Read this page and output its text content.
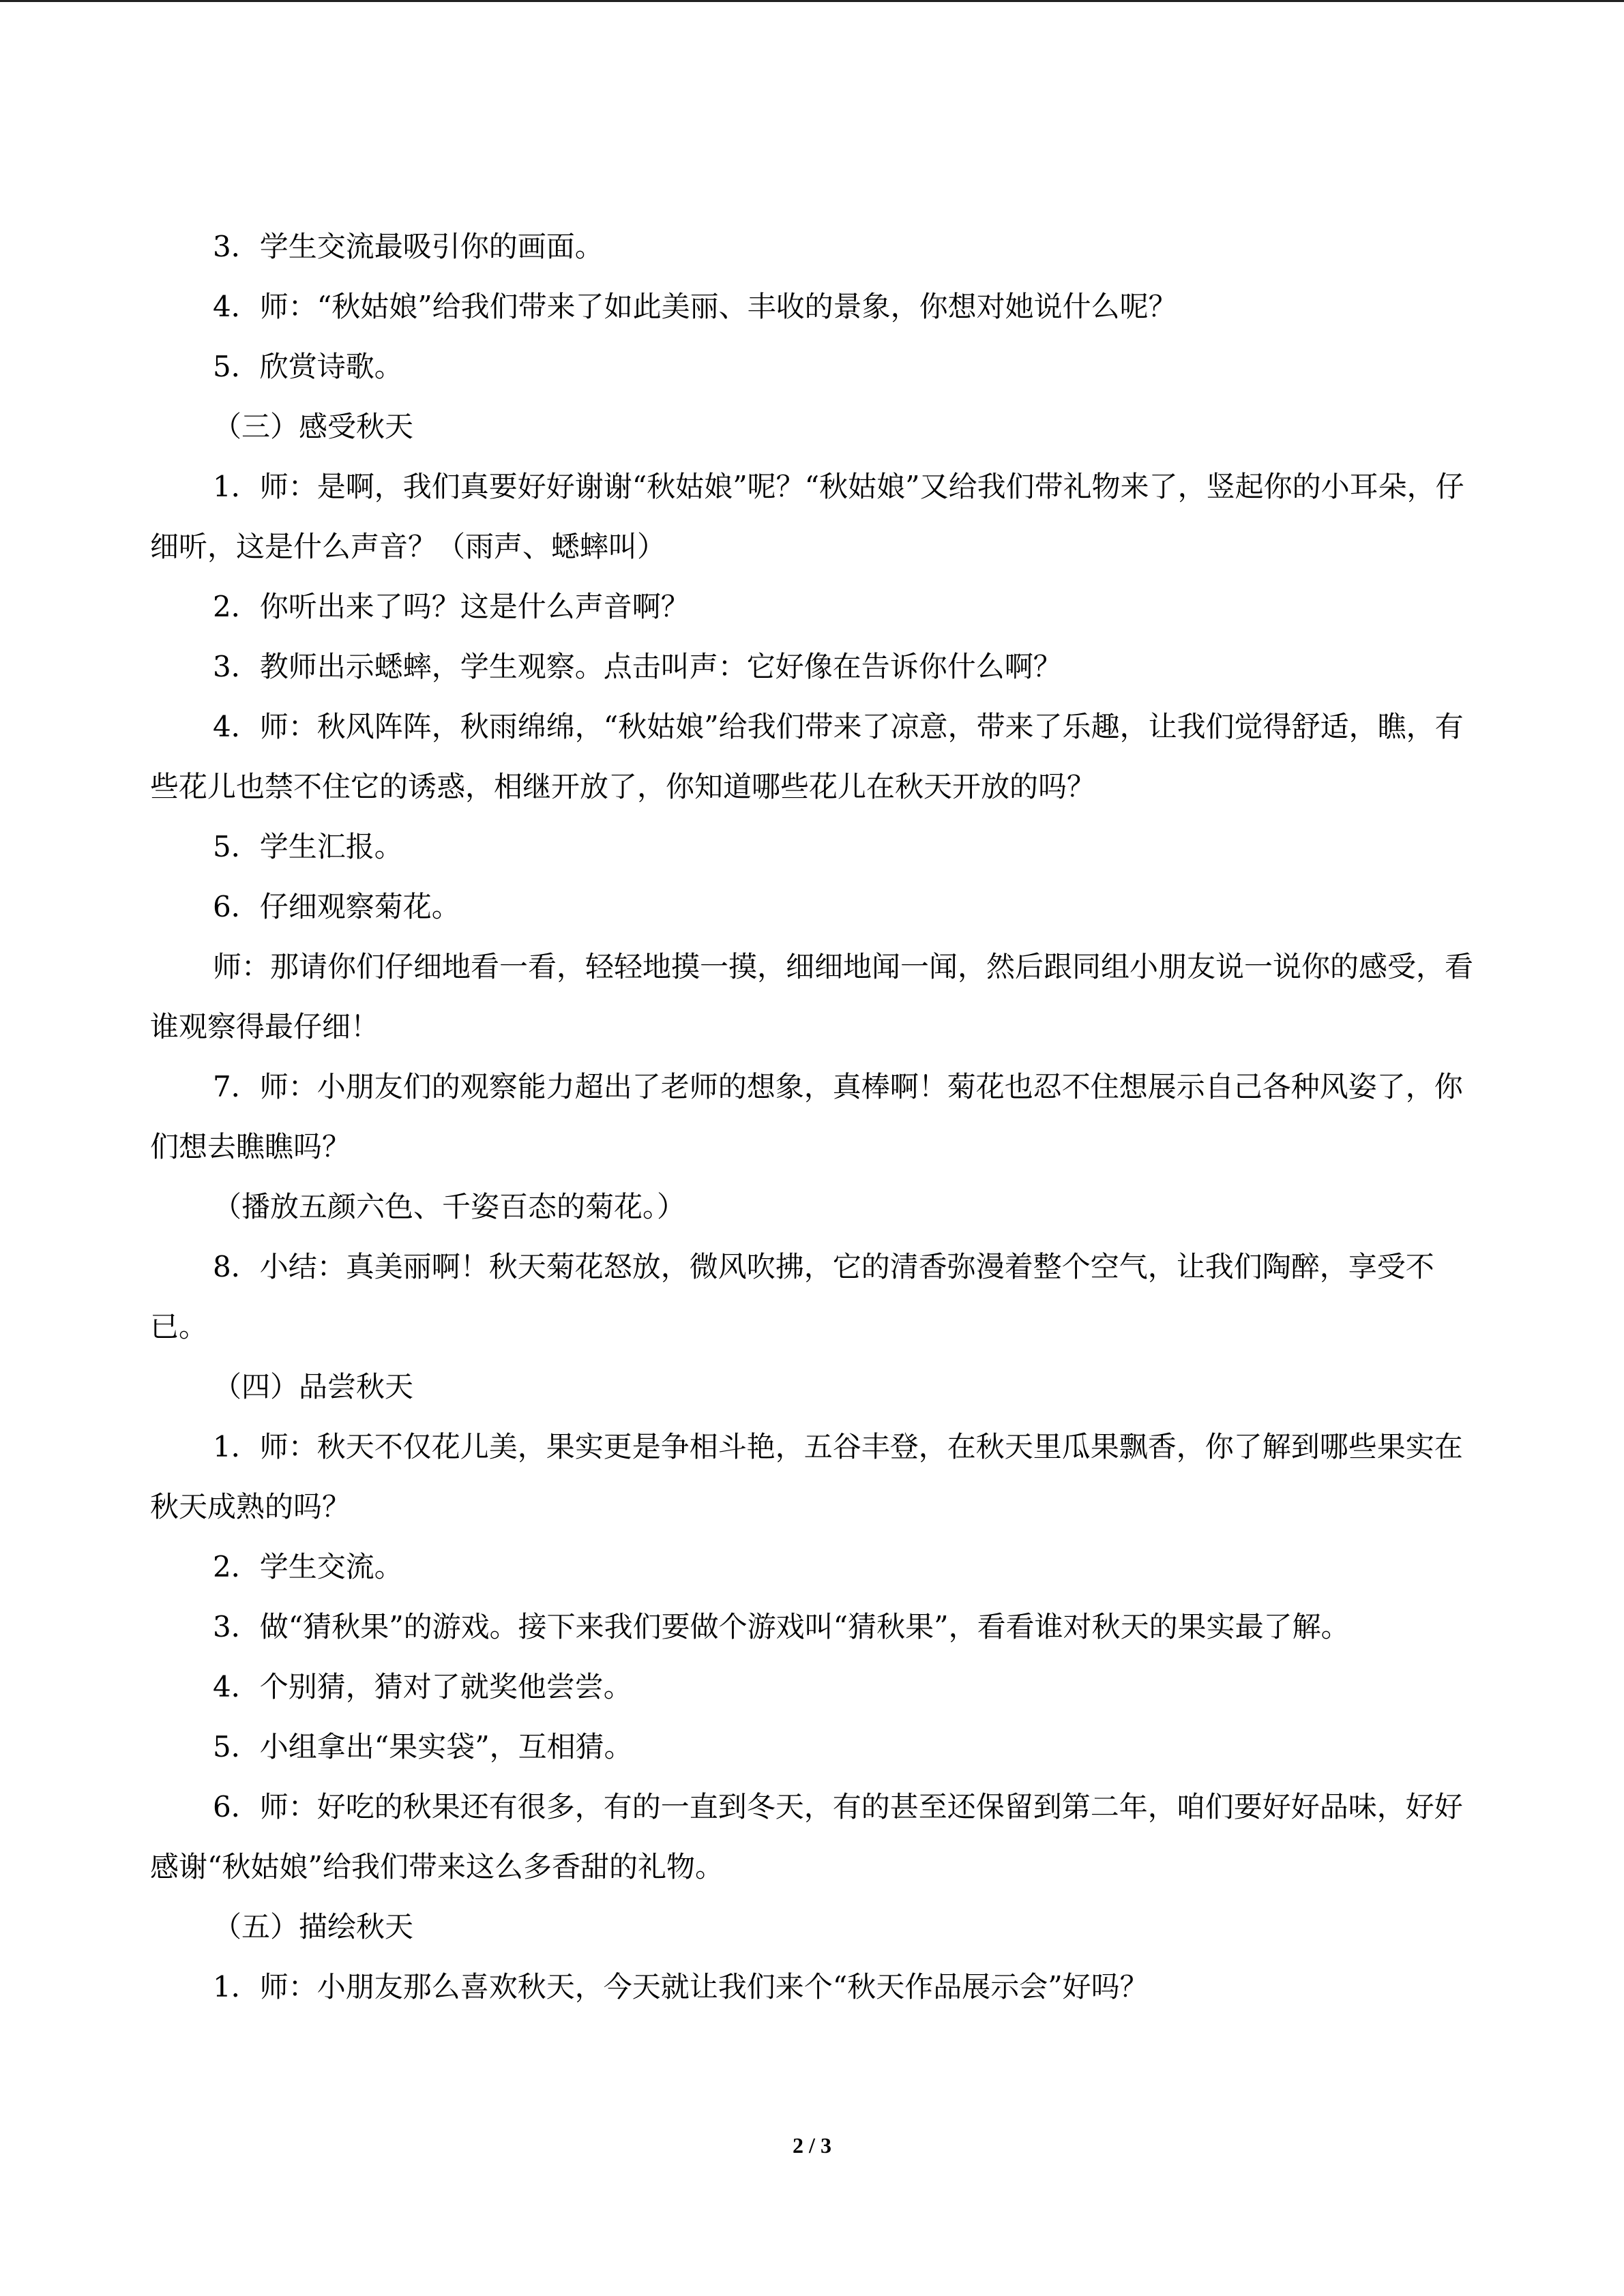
3．学生交流最吸引你的画面。

4．师：“秋姑娘”给我们带来了如此美丽、丰收的景象，你想对她说什么呢？

5．欣赏诗歌。

（三）感受秋天

1．师：是啊，我们真要好好谢谢“秋姑娘”呢？“秋姑娘”又给我们带礼物来了，竖起你的小耳朵，仔细听，这是什么声音？（雨声、蟋蟀叫）

2．你听出来了吗？这是什么声音啊？

3．教师出示蟋蟀，学生观察。点击叫声：它好像在告诉你什么啊？

4．师：秋风阵阵，秋雨绵绵，“秋姑娘”给我们带来了凉意，带来了乐趣，让我们觉得舒适，瞧，有些花儿也禁不住它的诱惑，相继开放了，你知道哪些花儿在秋天开放的吗？

5．学生汇报。

6．仔细观察菊花。

师：那请你们仔细地看一看，轻轻地摸一摸，细细地闻一闻，然后跟同组小朋友说一说你的感受，看谁观察得最仔细！

7．师：小朋友们的观察能力超出了老师的想象，真棒啊！菊花也忍不住想展示自己各种风姿了，你们想去瞧瞧吗？

（播放五颜六色、千姿百态的菊花。）

8．小结：真美丽啊！秋天菊花怒放，微风吹拂，它的清香弥漫着整个空气，让我们陶醉，享受不已。

（四）品尝秋天

1．师：秋天不仅花儿美，果实更是争相斗艳，五谷丰登，在秋天里瓜果飘香，你了解到哪些果实在秋天成熟的吗？

2．学生交流。

3．做“猜秋果”的游戏。接下来我们要做个游戏叫“猜秋果”，看看谁对秋天的果实最了解。

4．个别猜，猜对了就奖他尝尝。

5．小组拿出“果实袋”，互相猜。

6．师：好吃的秋果还有很多，有的一直到冬天，有的甚至还保留到第二年，咱们要好好品味，好好感谢“秋姑娘”给我们带来这么多香甜的礼物。

（五）描绘秋天

1．师：小朋友那么喜欢秋天，今天就让我们来个“秋天作品展示会”好吗？

2 / 3
